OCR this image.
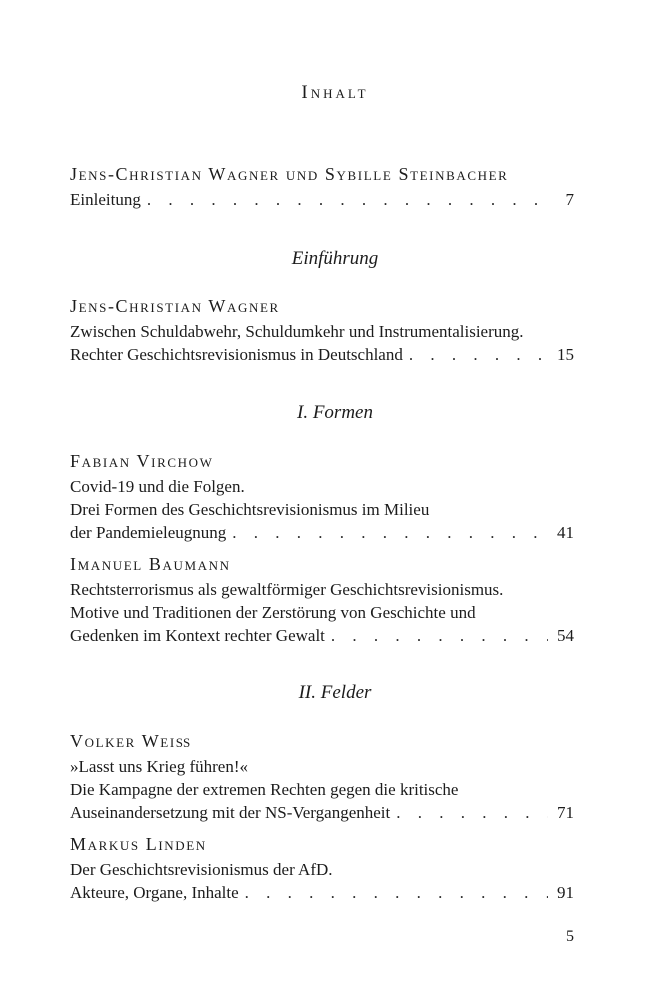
Inhalt
Jens-Christian Wagner und Sybille Steinbacher
Einleitung . . .	7
Einführung
Jens-Christian Wagner
Zwischen Schuldabwehr, Schuldumkehr und Instrumentalisierung.
Rechter Geschichtsrevisionismus in Deutschland . . .	15
I. Formen
Fabian Virchow
Covid-19 und die Folgen.
Drei Formen des Geschichtsrevisionismus im Milieu
der Pandemieleugnung . . .	41
Imanuel Baumann
Rechtsterrorismus als gewaltförmiger Geschichtsrevisionismus.
Motive und Traditionen der Zerstörung von Geschichte und
Gedenken im Kontext rechter Gewalt . . .	54
II. Felder
Volker Weiß
»Lasst uns Krieg führen!«
Die Kampagne der extremen Rechten gegen die kritische
Auseinandersetzung mit der NS-Vergangenheit . . .	71
Markus Linden
Der Geschichtsrevisionismus der AfD.
Akteure, Organe, Inhalte . . .	91
5
